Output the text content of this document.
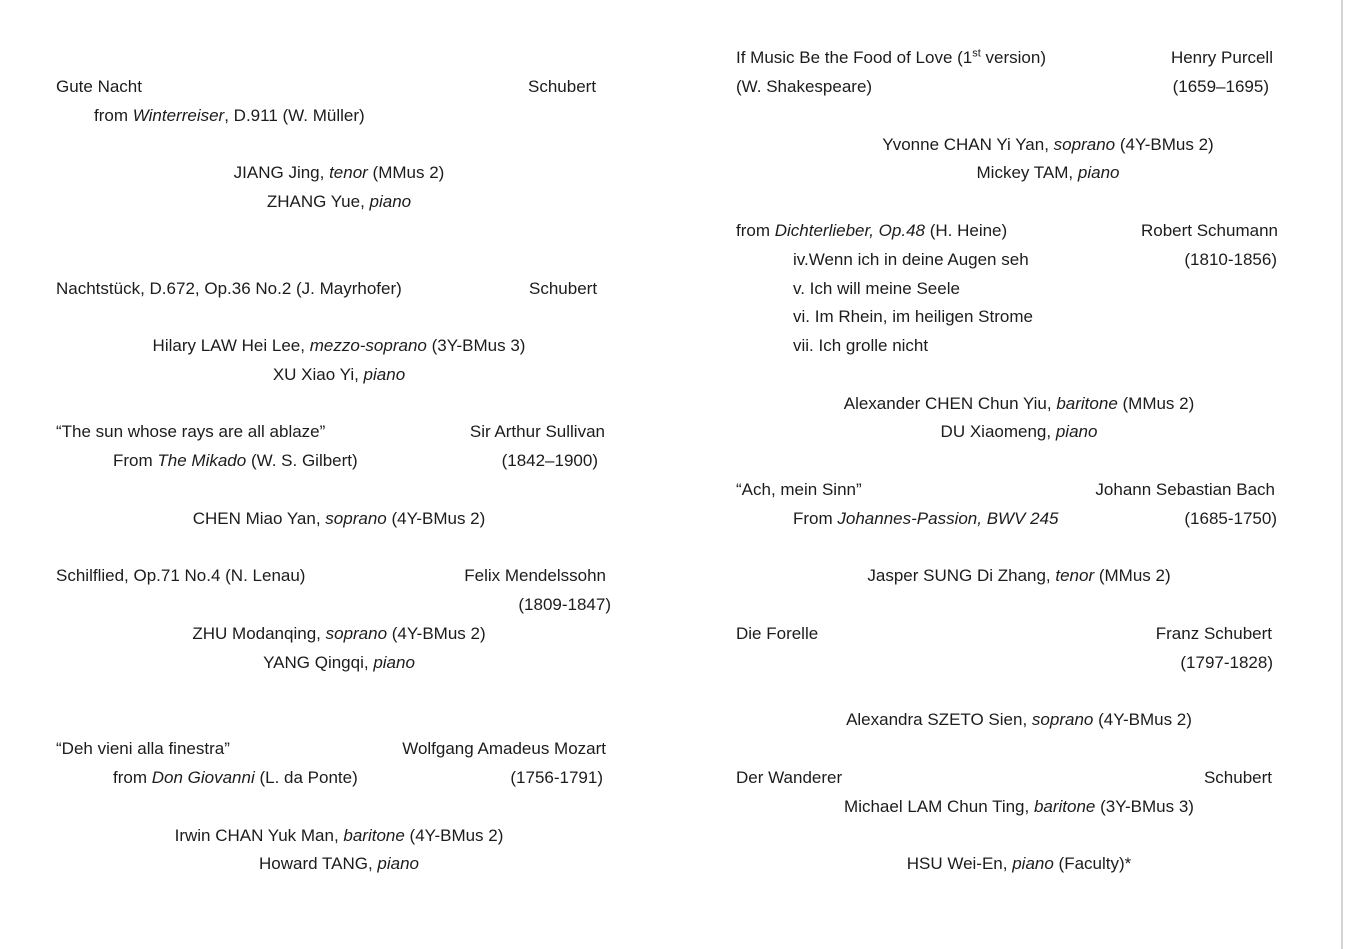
Gute Nacht	Schubert
from Winterreiser, D.911 (W. Müller)
JIANG Jing, tenor (MMus 2)
ZHANG Yue, piano
Nachtstück, D.672, Op.36 No.2 (J. Mayrhofer)	Schubert
Hilary LAW Hei Lee, mezzo-soprano (3Y-BMus 3)
XU Xiao Yi, piano
“The sun whose rays are all ablaze”	Sir Arthur Sullivan
From The Mikado (W. S. Gilbert)	(1842–1900)
CHEN Miao Yan, soprano (4Y-BMus 2)
Schilflied, Op.71 No.4 (N. Lenau)	Felix Mendelssohn
(1809-1847)
ZHU Modanqing, soprano (4Y-BMus 2)
YANG Qingqi, piano
“Deh vieni alla finestra”	Wolfgang Amadeus Mozart
from Don Giovanni (L. da Ponte)	(1756-1791)
Irwin CHAN Yuk Man, baritone (4Y-BMus 2)
Howard TANG, piano
If Music Be the Food of Love (1st version)	Henry Purcell
(W. Shakespeare)	(1659–1695)
Yvonne CHAN Yi Yan, soprano (4Y-BMus 2)
Mickey TAM, piano
from Dichterlieber, Op.48 (H. Heine)	Robert Schumann
iv.Wenn ich in deine Augen seh	(1810-1856)
v. Ich will meine Seele
vi. Im Rhein, im heiligen Strome
vii. Ich grolle nicht
Alexander CHEN Chun Yiu, baritone (MMus 2)
DU Xiaomeng, piano
“Ach, mein Sinn”	Johann Sebastian Bach
From Johannes-Passion, BWV 245	(1685-1750)
Jasper SUNG Di Zhang, tenor (MMus 2)
Die Forelle	Franz Schubert
(1797-1828)
Alexandra SZETO Sien, soprano (4Y-BMus 2)
Der Wanderer	Schubert
Michael LAM Chun Ting, baritone (3Y-BMus 3)
HSU Wei-En, piano (Faculty)*
